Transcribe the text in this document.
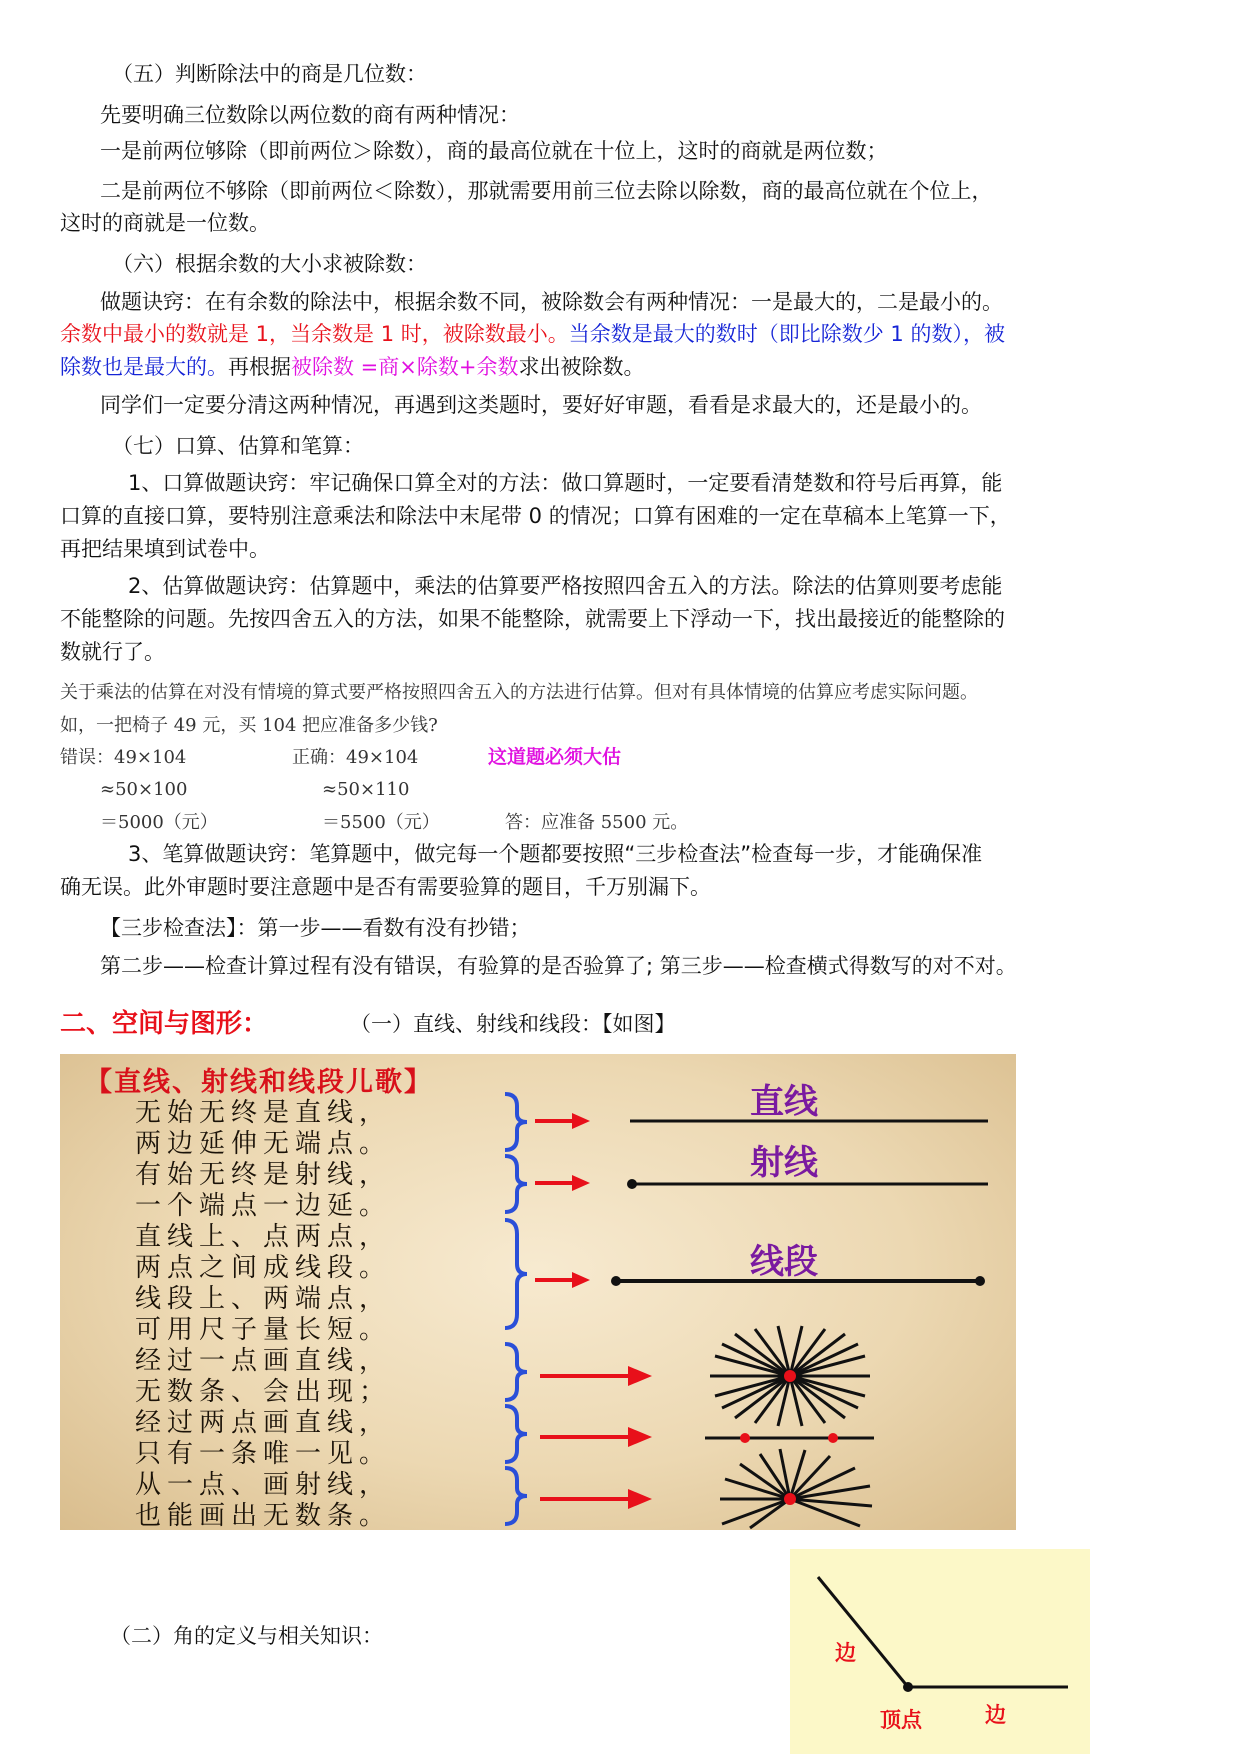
（五）判断除法中的商是几位数：
先要明确三位数除以两位数的商有两种情况：
一是前两位够除（即前两位＞除数），商的最高位就在十位上，这时的商就是两位数；
二是前两位不够除（即前两位＜除数），那就需要用前三位去除以除数，商的最高位就在个位上，
这时的商就是一位数。
（六）根据余数的大小求被除数：
做题诀窍：在有余数的除法中，根据余数不同，被除数会有两种情况：一是最大的，二是最小的。
余数中最小的数就是 1，当余数是 1 时，被除数最小。当余数是最大的数时（即比除数少 1 的数），被
除数也是最大的。再根据被除数 =商×除数+余数求出被除数。
同学们一定要分清这两种情况，再遇到这类题时，要好好审题，看看是求最大的，还是最小的。
（七）口算、估算和笔算：
1、口算做题诀窍：牢记确保口算全对的方法：做口算题时，一定要看清楚数和符号后再算，能
口算的直接口算，要特别注意乘法和除法中末尾带 0 的情况；口算有困难的一定在草稿本上笔算一下，
再把结果填到试卷中。
2、估算做题诀窍：估算题中，乘法的估算要严格按照四舍五入的方法。除法的估算则要考虑能
不能整除的问题。先按四舍五入的方法，如果不能整除，就需要上下浮动一下，找出最接近的能整除的
数就行了。
关于乘法的估算在对没有情境的算式要严格按照四舍五入的方法进行估算。但对有具体情境的估算应考虑实际问题。
如，一把椅子 49 元，买 104 把应准备多少钱?
错误：49×104	正确：49×104	这道题必须大估
≈50×100	≈50×110
＝5000（元）	＝5500（元）	答：应准备 5500 元。
3、笔算做题诀窍：笔算题中，做完每一个题都要按照“三步检查法”检查每一步，才能确保准
确无误。此外审题时要注意题中是否有需要验算的题目，千万别漏下。
【三步检查法】：第一步——看数有没有抄错；
第二步——检查计算过程有没有错误，有验算的是否验算了; 第三步——检查横式得数写的对不对。
二、空间与图形：	（一）直线、射线和线段：【如图】
【直线、射线和线段儿歌】
无始无终是直线，
两边延伸无端点。
有始无终是射线，
一个端点一边延。
直线上、点两点，
两点之间成线段。
线段上、两端点，
可用尺子量长短。
经过一点画直线，
无数条、会出现；
经过两点画直线，
只有一条唯一见。
从一点、画射线，
也能画出无数条。
直线
射线
线段
（二）角的定义与相关知识：
边
顶点	边
